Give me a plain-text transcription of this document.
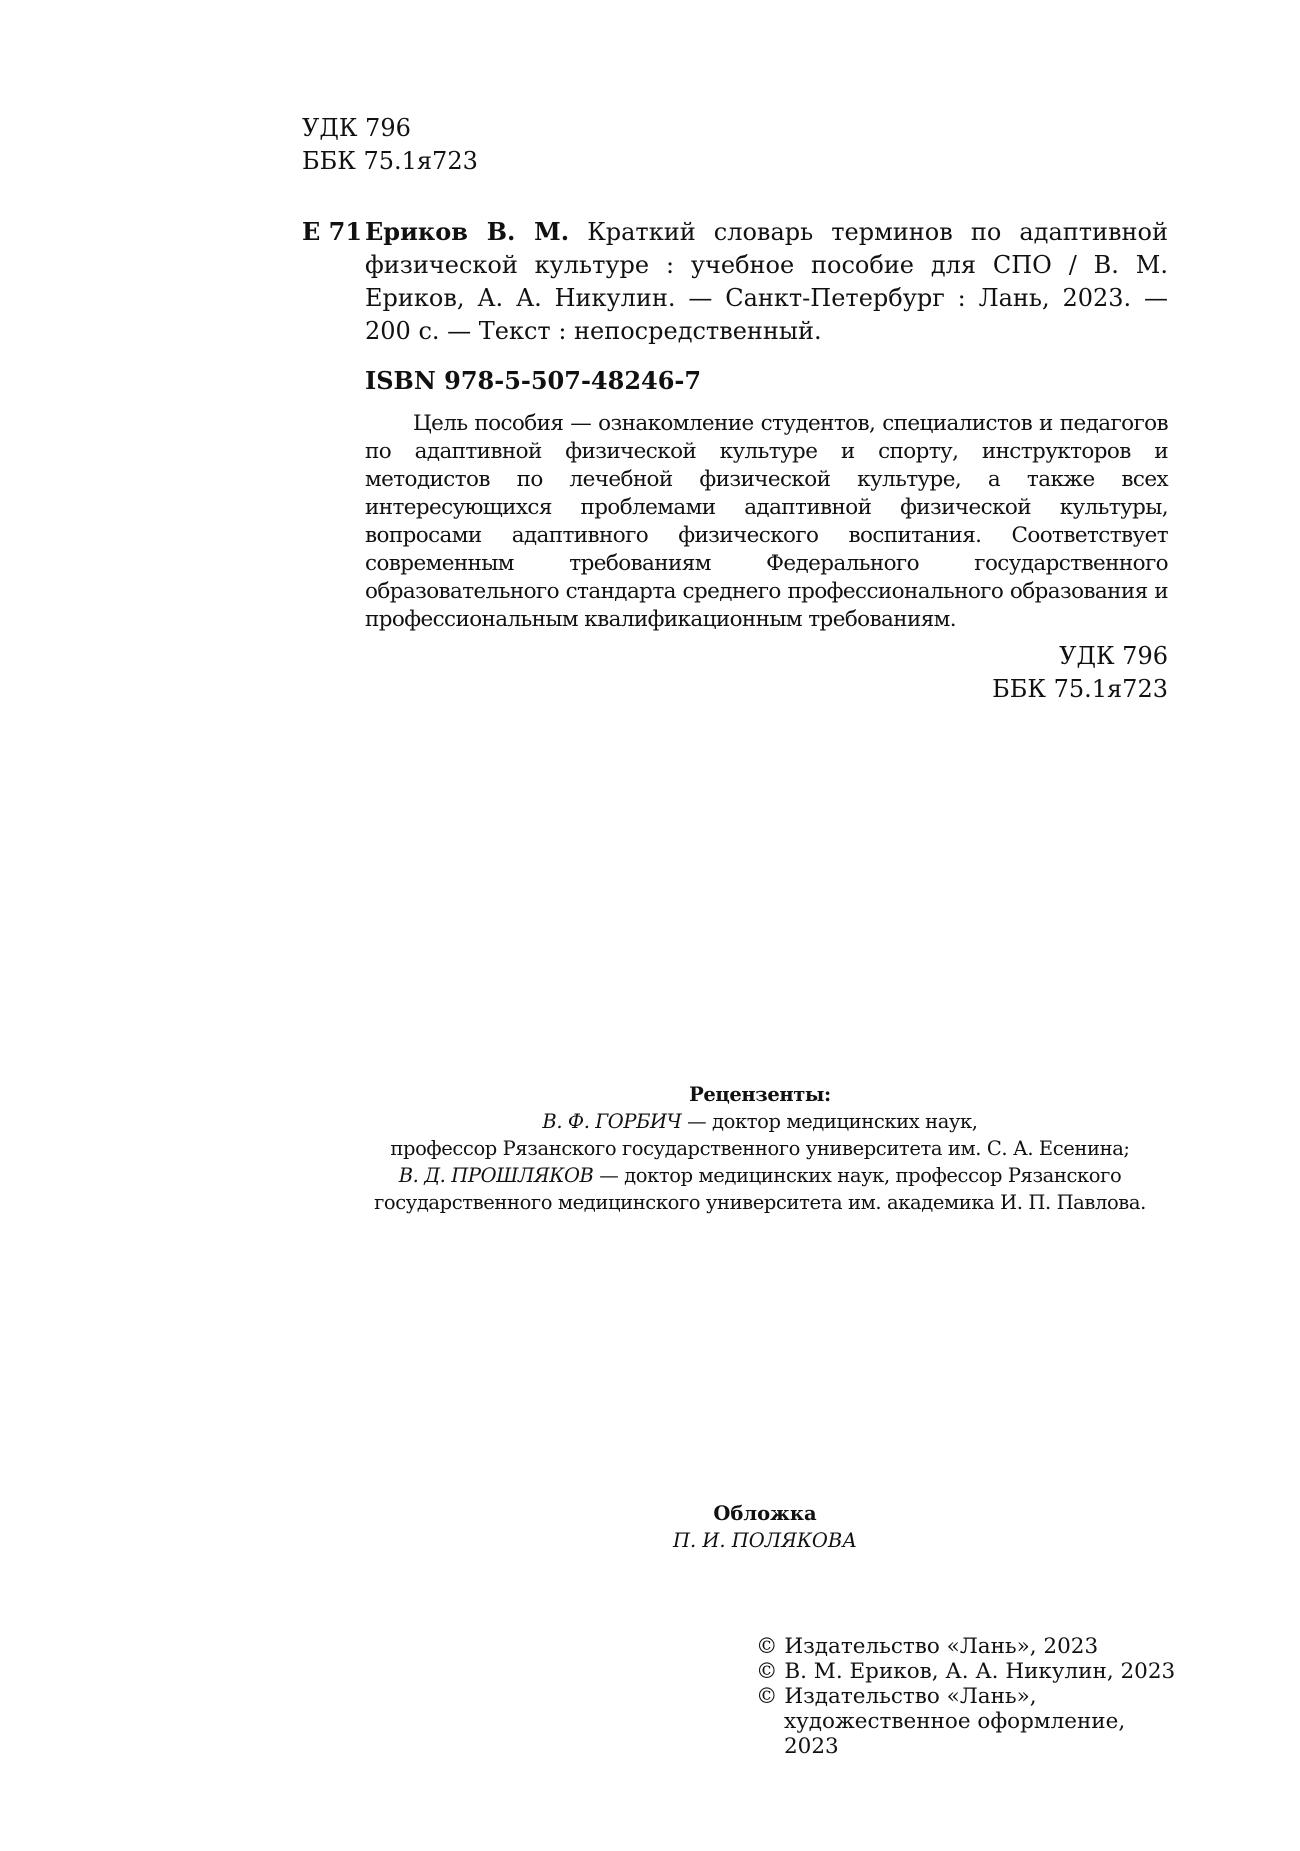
УДК 796
ББК 75.1я723
Е 71 Ериков В. М. Краткий словарь терминов по адаптивной физической культуре : учебное пособие для СПО / В. М. Ериков, А. А. Никулин. — Санкт-Петербург : Лань, 2023. — 200 с. — Текст : непосредственный.
ISBN 978-5-507-48246-7
Цель пособия — ознакомление студентов, специалистов и педагогов по адаптивной физической культуре и спорту, инструкторов и методистов по лечебной физической культуре, а также всех интересующихся проблемами адаптивной физической культуры, вопросами адаптивного физического воспитания. Соответствует современным требованиям Федерального государственного образовательного стандарта среднего профессионального образования и профессиональным квалификационным требованиям.
УДК 796
ББК 75.1я723
Рецензенты:
В. Ф. ГОРБИЧ — доктор медицинских наук,
профессор Рязанского государственного университета им. С. А. Есенина;
В. Д. ПРОШЛЯКОВ — доктор медицинских наук, профессор Рязанского
государственного медицинского университета им. академика И. П. Павлова.
Обложка
П. И. ПОЛЯКОВА
© Издательство «Лань», 2023
© В. М. Ериков, А. А. Никулин, 2023
© Издательство «Лань»,
художественное оформление, 2023
